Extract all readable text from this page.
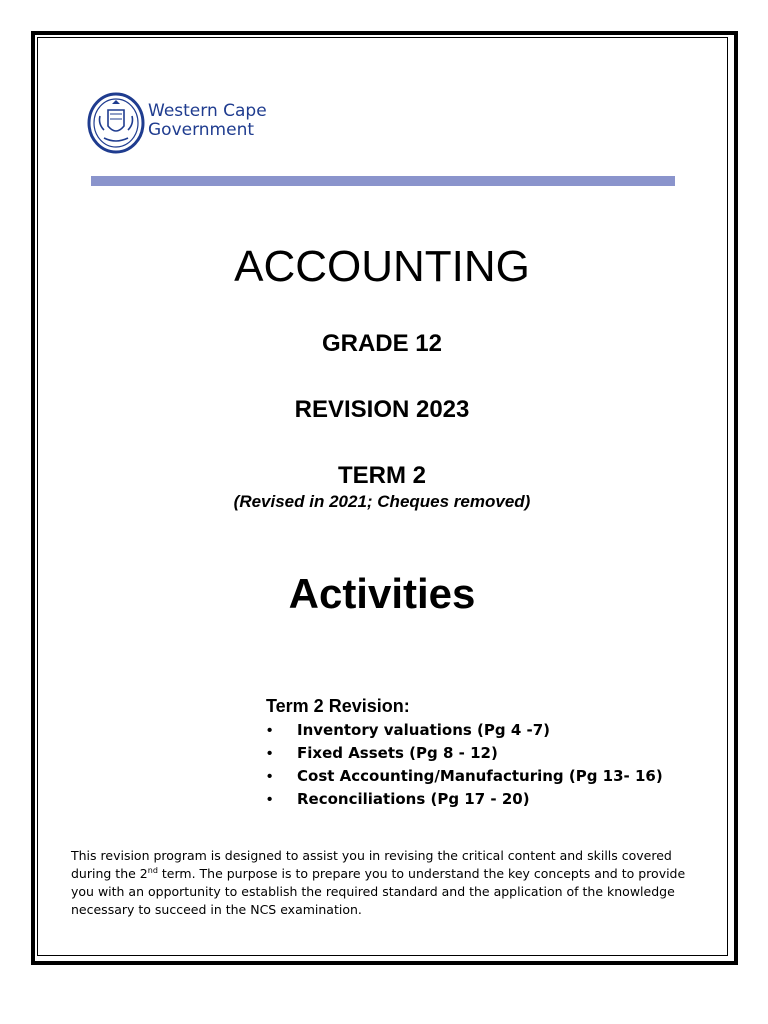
Western Cape
Government
ACCOUNTING
GRADE 12
REVISION 2023
TERM 2
(Revised in 2021; Cheques removed)
Activities
Term 2 Revision:
• Inventory valuations (Pg 4 -7)
• Fixed Assets (Pg 8 - 12)
• Cost Accounting/Manufacturing (Pg 13- 16)
• Reconciliations (Pg 17 - 20)

This revision program is designed to assist you in revising the critical content and skills covered during the 2nd term. The purpose is to prepare you to understand the key concepts and to provide you with an opportunity to establish the required standard and the application of the knowledge necessary to succeed in the NCS examination.
